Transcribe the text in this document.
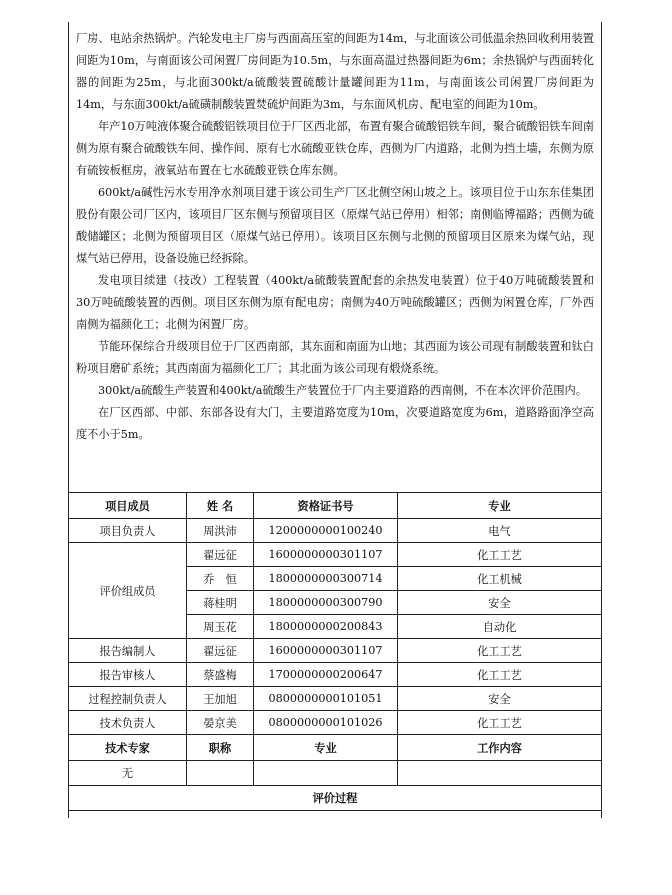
厂房、电站余热锅炉。汽轮发电主厂房与西面高压室的间距为14m，与北面该公司低温余热回收利用装置间距为10m，与南面该公司闲置厂房间距为10.5m，与东面高温过热器间距为6m；余热锅炉与西面转化器的间距为25m，与北面300kt/a硫酸装置硫酸计量罐间距为11m，与南面该公司闲置厂房间距为14m，与东面300kt/a硫磺制酸装置焚硫炉间距为3m，与东面风机房、配电室的间距为10m。

年产10万吨液体聚合硫酸铝铁项目位于厂区西北部，布置有聚合硫酸铝铁车间，聚合硫酸铝铁车间南侧为原有聚合硫酸铁车间、操作间、原有七水硫酸亚铁仓库，西侧为厂内道路，北侧为挡土墙，东侧为原有硫铵板框房，液氧站布置在七水硫酸亚铁仓库东侧。

600kt/a碱性污水专用净水剂项目建于该公司生产厂区北侧空闲山坡之上。该项目位于山东东佳集团股份有限公司厂区内，该项目厂区东侧与预留项目区（原煤气站已停用）相邻；南侧临博福路；西侧为硫酸储罐区；北侧为预留项目区（原煤气站已停用）。该项目区东侧与北侧的预留项目区原来为煤气站，现煤气站已停用，设备设施已经拆除。

发电项目续建（技改）工程装置（400kt/a硫酸装置配套的余热发电装置）位于40万吨硫酸装置和30万吨硫酸装置的西侧。项目区东侧为原有配电房；南侧为40万吨硫酸罐区；西侧为闲置仓库，厂外西南侧为福颜化工；北侧为闲置厂房。

节能环保综合升级项目位于厂区西南部，其东面和南面为山地；其西面为该公司现有制酸装置和钛白粉项目磨矿系统；其西南面为福颜化工厂；其北面为该公司现有煅烧系统。

300kt/a硫酸生产装置和400kt/a硫酸生产装置位于厂内主要道路的西南侧，不在本次评价范围内。

在厂区西部、中部、东部各设有大门，主要道路宽度为10m，次要道路宽度为6m，道路路面净空高度不小于5m。

项目成员	姓 名	资格证书号	专业
项目负责人	周洪沛	1200000000100240	电气
评价组成员	翟远征	1600000000301107	化工工艺
	乔　恒	1800000000300714	化工机械
	蒋桂明	1800000000300790	安全
	周玉花	1800000000200843	自动化
报告编制人	翟远征	1600000000301107	化工工艺
报告审核人	蔡盛梅	1700000000200647	化工工艺
过程控制负责人	王加旭	0800000000101051	安全
技术负责人	晏京美	0800000000101026	化工工艺
技术专家	职称	专业	工作内容
无			
评价过程			
